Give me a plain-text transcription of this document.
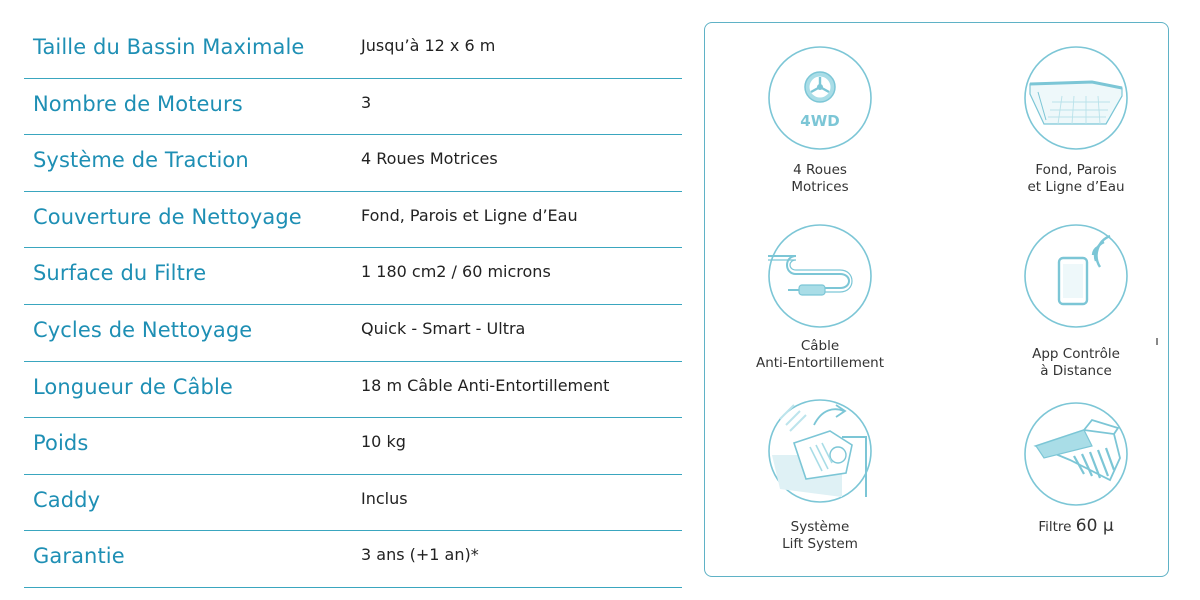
Taille du Bassin Maximale	Jusqu’à 12 x 6 m
Nombre de Moteurs	3
Système de Traction	4 Roues Motrices
Couverture de Nettoyage	Fond, Parois et Ligne d’Eau
Surface du Filtre	1 180 cm2 / 60 microns
Cycles de Nettoyage	Quick - Smart - Ultra
Longueur de Câble	18 m Câble Anti-Entortillement
Poids	10 kg
Caddy	Inclus
Garantie	3 ans (+1 an)*
4WD
4 Roues
Motrices
Fond, Parois
et Ligne d’Eau
Câble
Anti-Entortillement
App Contrôle
à Distance
Système
Lift System
Filtre 60 µ
